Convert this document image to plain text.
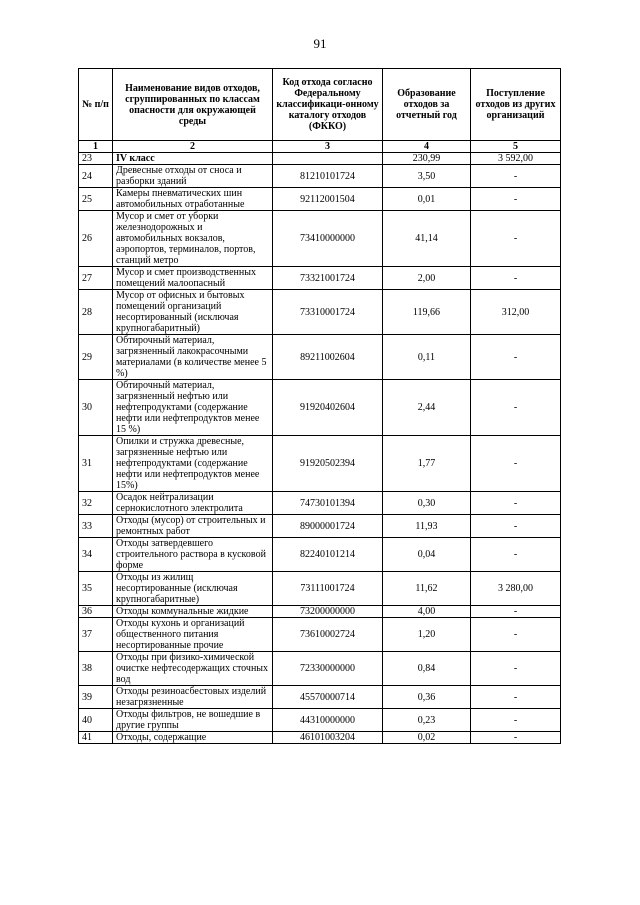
91
№ п/п	Наименование видов отходов, сгруппированных по классам опасности для окружающей среды	Код отхода согласно Федеральному классификаци-онному каталогу отходов (ФККО)	Образование отходов за отчетный год	Поступление отходов из других организаций
1	2	3	4	5
23	IV класс		230,99	3 592,00
24	Древесные отходы от сноса и разборки зданий	81210101724	3,50	-
25	Камеры пневматических шин автомобильных отработанные	92112001504	0,01	-
26	Мусор и смет от уборки железнодорожных и автомобильных вокзалов, аэропортов, терминалов, портов, станций метро	73410000000	41,14	-
27	Мусор и смет производственных помещений малоопасный	73321001724	2,00	-
28	Мусор от офисных и бытовых помещений организаций несортированный (исключая крупногабаритный)	73310001724	119,66	312,00
29	Обтирочный материал, загрязненный лакокрасочными материалами (в количестве менее 5 %)	89211002604	0,11	-
30	Обтирочный материал, загрязненный нефтью или нефтепродуктами (содержание нефти или нефтепродуктов менее 15 %)	91920402604	2,44	-
31	Опилки и стружка древесные, загрязненные нефтью или нефтепродуктами (содержание нефти или нефтепродуктов менее 15%)	91920502394	1,77	-
32	Осадок нейтрализации сернокислотного электролита	74730101394	0,30	-
33	Отходы (мусор) от строительных и ремонтных работ	89000001724	11,93	-
34	Отходы затвердевшего строительного раствора в кусковой форме	82240101214	0,04	-
35	Отходы из жилищ несортированные (исключая крупногабаритные)	73111001724	11,62	3 280,00
36	Отходы коммунальные жидкие	73200000000	4,00	-
37	Отходы кухонь и организаций общественного питания несортированные прочие	73610002724	1,20	-
38	Отходы при физико-химической очистке нефтесодержащих сточных вод	72330000000	0,84	-
39	Отходы резиноасбестовых изделий незагрязненные	45570000714	0,36	-
40	Отходы фильтров, не вошедшие в другие группы	44310000000	0,23	-
41	Отходы, содержащие	46101003204	0,02	-
